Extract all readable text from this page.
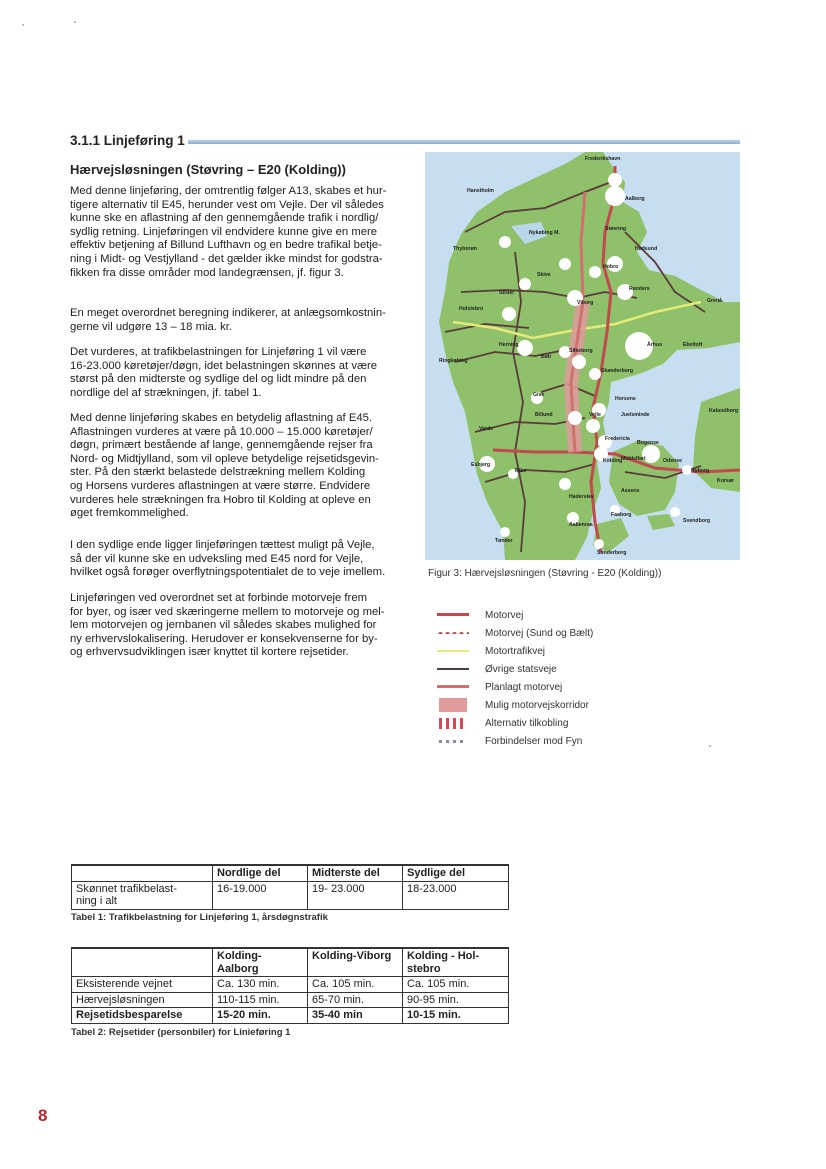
3.1.1 Linjeføring 1
Hærvejsløsningen (Støvring – E20 (Kolding))

Med denne linjeføring, der omtrentlig følger A13, skabes et hur-
tigere alternativ til E45, herunder vest om Vejle. Der vil således
kunne ske en aflastning af den gennemgående trafik i nordlig/
sydlig retning. Linjeføringen vil endvidere kunne give en mere
effektiv betjening af Billund Lufthavn og en bedre trafikal betje-
ning i Midt- og Vestjylland - det gælder ikke mindst for godstra-
fikken fra disse områder mod landegrænsen, jf. figur 3.

En meget overordnet beregning indikerer, at anlægsomkostnin-
gerne vil udgøre 13 – 18 mia. kr.

Det vurderes, at trafikbelastningen for Linjeføring 1 vil være
16-23.000 køretøjer/døgn, idet belastningen skønnes at være
størst på den midterste og sydlige del og lidt mindre på den
nordlige del af strækningen, jf. tabel 1.

Med denne linjeføring skabes en betydelig aflastning af E45.
Aflastningen vurderes at være på 10.000 – 15.000 køretøjer/
døgn, primært bestående af lange, gennemgående rejser fra
Nord- og Midtjylland, som vil opleve betydelige rejsetidsgevin-
ster. På den stærkt belastede delstrækning mellem Kolding
og Horsens vurderes aflastningen at være større. Endvidere
vurderes hele strækningen fra Hobro til Kolding at opleve en
øget fremkommelighed.

I den sydlige ende ligger linjeføringen tættest muligt på Vejle,
så der vil kunne ske en udveksling med E45 nord for Vejle,
hvilket også forøger overflytningspotentialet de to veje imellem.

Linjeføringen ved overordnet set at forbinde motorveje frem
for byer, og især ved skæringerne mellem to motorveje og mel-
lem motorvejen og jernbanen vil således skabes mulighed for
ny erhvervslokalisering. Herudover er konsekvenserne for by-
og erhvervsudviklingen især knyttet til kortere rejsetider.

Frederikshavn
Hanstholm
Aalborg
Nykøbing M.
Støvring
Thyborøn	Hadsund
Hobro
Skive
Randers
Struer
Viborg	Grenå
Holstebro
Herning	Århus	Ebeltoft
Ringkøbing
Bølr
Silkeborg
Skanderborg
Give
Horsens
Billund	Vejle	Juelsminde
Kalundborg
Varde
Fredericia
Bogense
Esbjerg
Kolding
Middelfart	Odense
Nyborg
Korsør
Ribe
Assens
Haderslev
Faaborg
Svendborg
Aabenraa
Tønder
Sønderborg
Figur 3: Hærvejsløsningen (Støvring - E20 (Kolding))
Motorvej
Motorvej (Sund og Bælt)
Motortrafikvej
Øvrige statsveje
Planlagt motorvej
Mulig motorvejskorridor
Alternativ tilkobling
Forbindelser mod Fyn
	Nordlige del	Midterste del	Sydlige del

Skønnet trafikbelast-
ning i alt	16-19.000	19- 23.000	18-23.000
Tabel 1: Trafikbelastning for Linjeføring 1, årsdøgnstrafik

	Kolding-
Aalborg	Kolding-Viborg	Kolding - Hol-
stebro

Eksisterende vejnet	Ca. 130 min.	Ca. 105 min.	Ca. 105 min.
Hærvejsløsningen	110-115 min.	65-70 min.	90-95 min.
Rejsetidsbesparelse	15-20 min.	35-40 min	10-15 min.
Tabel 2: Rejsetider (personbiler) for Linieføring 1
8
